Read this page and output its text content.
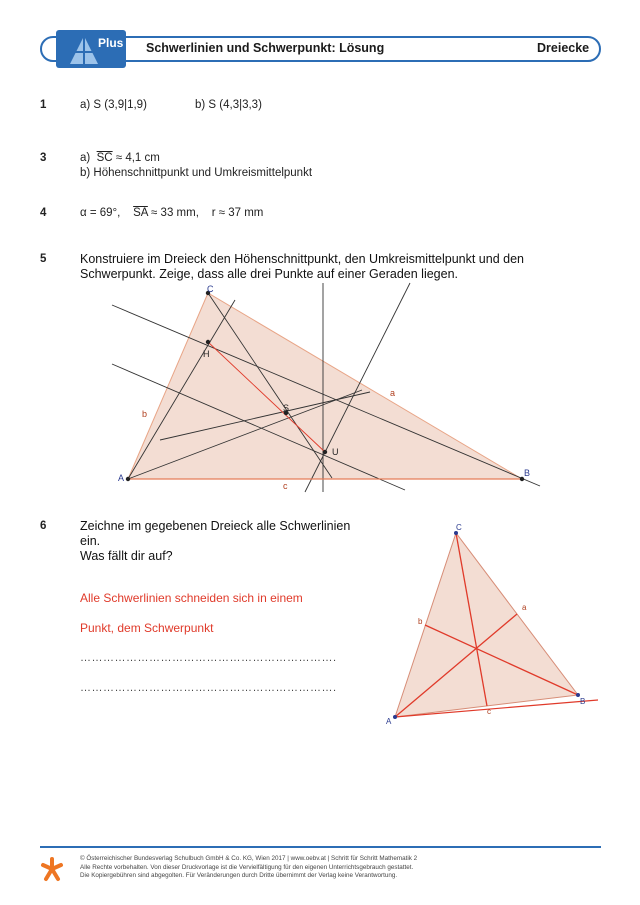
Plus Schwerlinien und Schwerpunkt: Lösung	Dreiecke
1	a) S (3,9|1,9)	b) S (4,3|3,3)
3	a) $\overline{SC} \approx 4,1$ cm
b) Höhenschnittpunkt und Umkreismittelpunkt
4	α = 69°, $\overline{SA} \approx 33$ mm, r ≈ 37 mm
5	Konstruiere im Dreieck den Höhenschnittpunkt, den Umkreismittelpunkt und den
Schwerpunkt. Zeige, dass alle drei Punkte auf einer Geraden liegen.
C
A	B
H
S
U
a
b
c
6	Zeichne im gegebenen Dreieck alle Schwerlinien
ein.
Was fällt dir auf?
Alle Schwerlinien schneiden sich in einem
Punkt, dem Schwerpunkt
………………………………………………………….
………………………………………………………….
C
A
B
a
b
c
© Österreichischer Bundesverlag Schulbuch GmbH & Co. KG, Wien 2017 | www.oebv.at | Schritt für Schritt Mathematik 2
Alle Rechte vorbehalten. Von dieser Druckvorlage ist die Vervielfältigung für den eigenen Unterrichtsgebrauch gestattet.
Die Kopiergebühren sind abgegolten. Für Veränderungen durch Dritte übernimmt der Verlag keine Verantwortung.
